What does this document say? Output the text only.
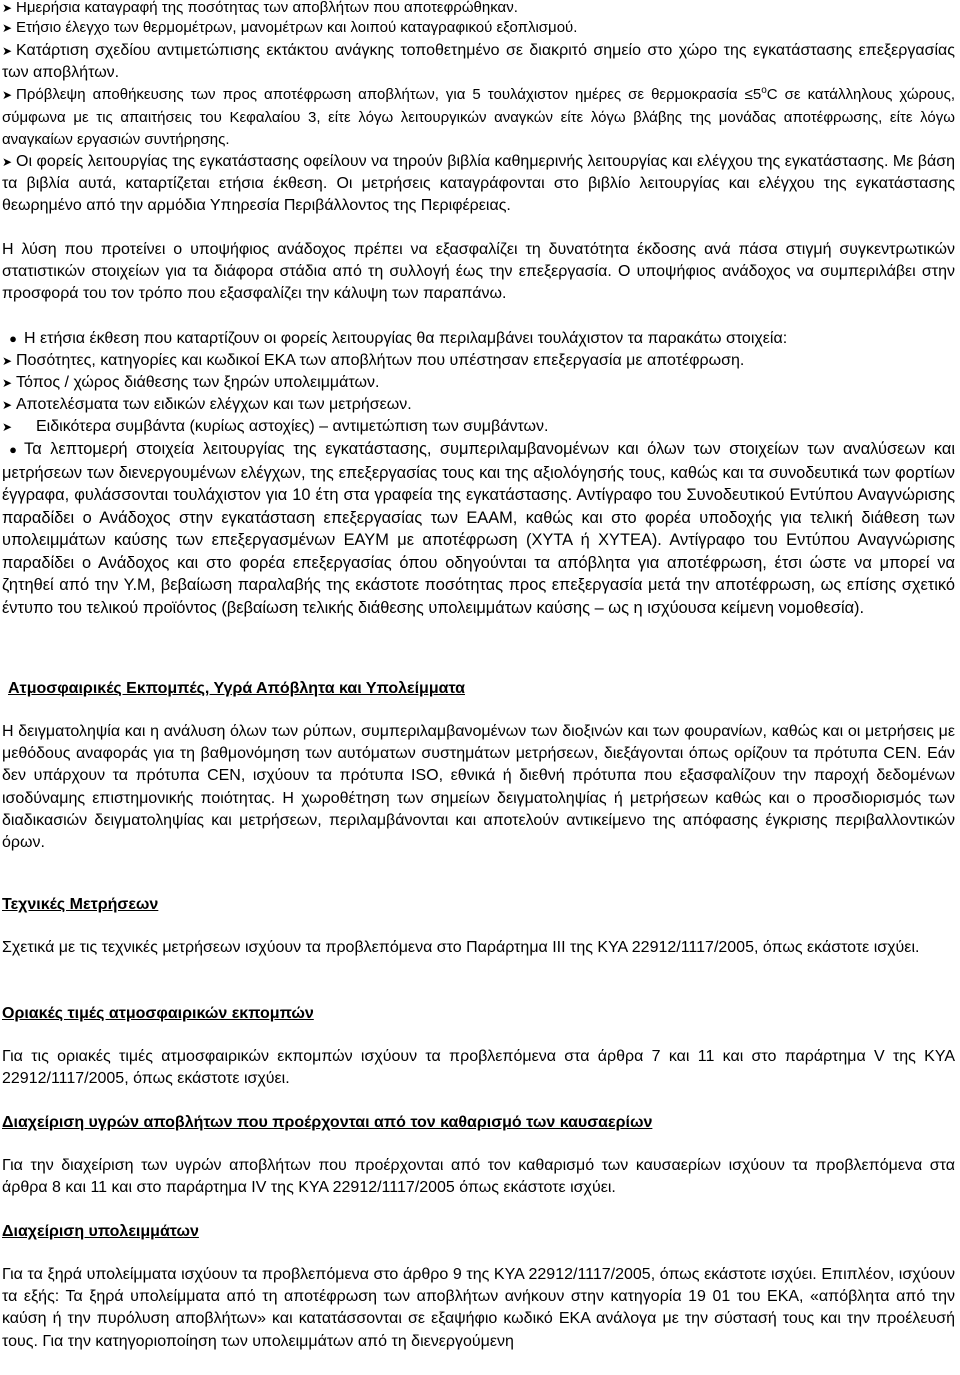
➤ Ημερήσια καταγραφή της ποσότητας των αποβλήτων που αποτεφρώθηκαν.

➤ Ετήσιο έλεγχο των θερμομέτρων, μανομέτρων και λοιπού καταγραφικού εξοπλισμού.

➤ Κατάρτιση σχεδίου αντιμετώπισης εκτάκτου ανάγκης τοποθετημένο σε διακριτό σημείο στο χώρο της εγκατάστασης επεξεργασίας των αποβλήτων.

➤ Πρόβλεψη αποθήκευσης των προς αποτέφρωση αποβλήτων, για 5 τουλάχιστον ημέρες σε $\theta\varepsilon\rho\mu o\kappa\rho\alpha\sigma ί\alpha \le 5^oC$ σε κατάλληλους χώρους, σύμφωνα με τις απαιτήσεις του Κεφαλαίου 3, είτε λόγω λειτουργικών αναγκών είτε λόγω βλάβης της μονάδας αποτέφρωσης, είτε λόγω αναγκαίων εργασιών συντήρησης.

➤ Οι φορείς λειτουργίας της εγκατάστασης οφείλουν να τηρούν βιβλία καθημερινής λειτουργίας και ελέγχου της εγκατάστασης. Με βάση τα βιβλία αυτά, καταρτίζεται ετήσια έκθεση. Οι μετρήσεις καταγράφονται στο βιβλίο λειτουργίας και ελέγχου της εγκατάστασης θεωρημένο από την αρμόδια Υπηρεσία Περιβάλλοντος της Περιφέρειας.

Η λύση που προτείνει ο υποψήφιος ανάδοχος πρέπει να εξασφαλίζει τη δυνατότητα έκδοσης ανά πάσα στιγμή συγκεντρωτικών στατιστικών στοιχείων για τα διάφορα στάδια από τη συλλογή έως την επεξεργασία. Ο υποψήφιος ανάδοχος να συμπεριλάβει στην προσφορά του τον τρόπο που εξασφαλίζει την κάλυψη των παραπάνω.

● Η ετήσια έκθεση που καταρτίζουν οι φορείς λειτουργίας θα περιλαμβάνει τουλάχιστον τα παρακάτω στοιχεία:

➤ Ποσότητες, κατηγορίες και κωδικοί ΕΚΑ των αποβλήτων που υπέστησαν επεξεργασία με αποτέφρωση.

➤ Τόπος / χώρος διάθεσης των ξηρών υπολειμμάτων.

➤ Αποτελέσματα των ειδικών ελέγχων και των μετρήσεων.

➤ Ειδικότερα συμβάντα (κυρίως αστοχίες) – αντιμετώπιση των συμβάντων.

● Τα λεπτομερή στοιχεία λειτουργίας της εγκατάστασης, συμπεριλαμβανομένων και όλων των στοιχείων των αναλύσεων και μετρήσεων των διενεργουμένων ελέγχων, της επεξεργασίας τους και της αξιολόγησής τους, καθώς και τα συνοδευτικά των φορτίων έγγραφα, φυλάσσονται τουλάχιστον για 10 έτη στα γραφεία της εγκατάστασης. Αντίγραφο του Συνοδευτικού Εντύπου Αναγνώρισης παραδίδει ο Ανάδοχος στην εγκατάσταση επεξεργασίας των ΕΑΑΜ, καθώς και στο φορέα υποδοχής για τελική διάθεση των υπολειμμάτων καύσης των επεξεργασμένων ΕΑΥΜ με αποτέφρωση (ΧΥΤΑ ή ΧΥΤΕΑ). Αντίγραφο του Εντύπου Αναγνώρισης παραδίδει ο Ανάδοχος και στο φορέα επεξεργασίας όπου οδηγούνται τα απόβλητα για αποτέφρωση, έτσι ώστε να μπορεί να ζητηθεί από την Υ.Μ, βεβαίωση παραλαβής της εκάστοτε ποσότητας προς επεξεργασία μετά την αποτέφρωση, ως επίσης σχετικό έντυπο του τελικού προϊόντος (βεβαίωση τελικής διάθεσης υπολειμμάτων καύσης – ως η ισχύουσα κείμενη νομοθεσία).

Ατμοσφαιρικές Εκπομπές, Υγρά Απόβλητα και Υπολείμματα

Η δειγματοληψία και η ανάλυση όλων των ρύπων, συμπεριλαμβανομένων των διοξινών και των φουρανίων, καθώς και οι μετρήσεις με μεθόδους αναφοράς για τη βαθμονόμηση των αυτόματων συστημάτων μετρήσεων, διεξάγονται όπως ορίζουν τα πρότυπα CEN. Εάν δεν υπάρχουν τα πρότυπα CEN, ισχύουν τα πρότυπα ISO, εθνικά ή διεθνή πρότυπα που εξασφαλίζουν την παροχή δεδομένων ισοδύναμης επιστημονικής ποιότητας. Η χωροθέτηση των σημείων δειγματοληψίας ή μετρήσεων καθώς και ο προσδιορισμός των διαδικασιών δειγματοληψίας και μετρήσεων, περιλαμβάνονται και αποτελούν αντικείμενο της απόφασης έγκρισης περιβαλλοντικών όρων.

Τεχνικές Μετρήσεων

Σχετικά με τις τεχνικές μετρήσεων ισχύουν τα προβλεπόμενα στο Παράρτημα ΙΙΙ της ΚΥΑ 22912/1117/2005, όπως εκάστοτε ισχύει.

Οριακές τιμές ατμοσφαιρικών εκπομπών

Για τις οριακές τιμές ατμοσφαιρικών εκπομπών ισχύουν τα προβλεπόμενα στα άρθρα 7 και 11 και στο παράρτημα V της ΚΥΑ 22912/1117/2005, όπως εκάστοτε ισχύει.

Διαχείριση υγρών αποβλήτων που προέρχονται από τον καθαρισμό των καυσαερίων

Για την διαχείριση των υγρών αποβλήτων που προέρχονται από τον καθαρισμό των καυσαερίων ισχύουν τα προβλεπόμενα στα άρθρα 8 και 11 και στο παράρτημα IV της ΚΥΑ 22912/1117/2005 όπως εκάστοτε ισχύει.

Διαχείριση υπολειμμάτων

Για τα ξηρά υπολείμματα ισχύουν τα προβλεπόμενα στο άρθρο 9 της ΚΥΑ 22912/1117/2005, όπως εκάστοτε ισχύει. Επιπλέον, ισχύουν τα εξής: Τα ξηρά υπολείμματα από τη αποτέφρωση των αποβλήτων ανήκουν στην κατηγορία 19 01 του ΕΚΑ, «απόβλητα από την καύση ή την πυρόλυση αποβλήτων» και κατατάσσονται σε εξαψήφιο κωδικό ΕΚΑ ανάλογα με την σύστασή τους και την προέλευσή τους. Για την κατηγοριοποίηση των υπολειμμάτων από τη διενεργούμενη
